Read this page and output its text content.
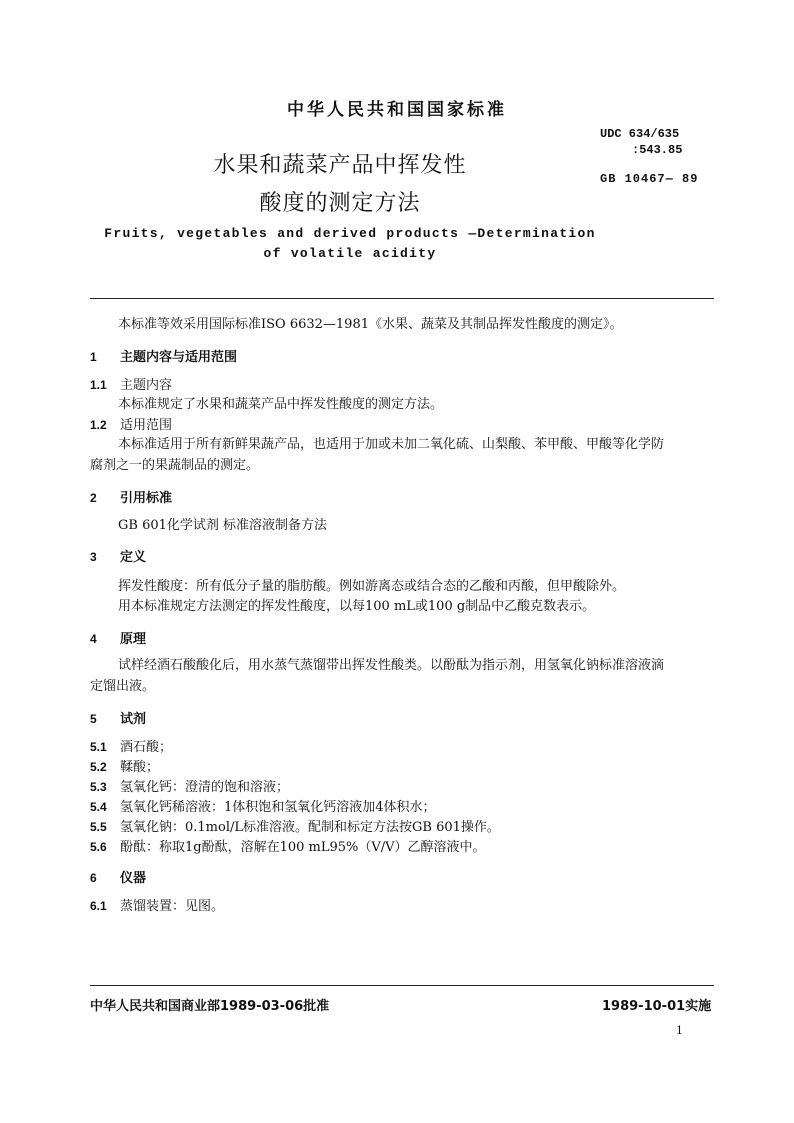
中华人民共和国国家标准
水果和蔬菜产品中挥发性
酸度的测定方法
UDC 634/635
:543.85
GB 10467— 89
Fruits, vegetables and derived products —Determination
of volatile acidity
本标准等效采用国际标准ISO 6632—1981《水果、蔬菜及其制品挥发性酸度的测定》。
1 主题内容与适用范围
1.1 主题内容
本标准规定了水果和蔬菜产品中挥发性酸度的测定方法。
1.2 适用范围
本标准适用于所有新鲜果蔬产品，也适用于加或未加二氧化硫、山梨酸、苯甲酸、甲酸等化学防
腐剂之一的果蔬制品的测定。
2 引用标准
GB 601化学试剂 标准溶液制备方法
3 定义
挥发性酸度：所有低分子量的脂肪酸。例如游离态或结合态的乙酸和丙酸，但甲酸除外。
用本标准规定方法测定的挥发性酸度，以每100 mL或100 g制品中乙酸克数表示。
4 原理
试样经酒石酸酸化后，用水蒸气蒸馏带出挥发性酸类。以酚酞为指示剂，用氢氧化钠标准溶液滴
定馏出液。
5 试剂
5.1 酒石酸；
5.2 鞣酸；
5.3 氢氧化钙：澄清的饱和溶液；
5.4 氢氧化钙稀溶液：1体积饱和氢氧化钙溶液加4体积水；
5.5 氢氧化钠：0.1mol/L标准溶液。配制和标定方法按GB 601操作。
5.6 酚酞：称取1g酚酞，溶解在100 mL95%（V/V）乙醇溶液中。
6 仪器
6.1 蒸馏装置：见图。
中华人民共和国商业部1989-03-06批准	1989-10-01实施
1
